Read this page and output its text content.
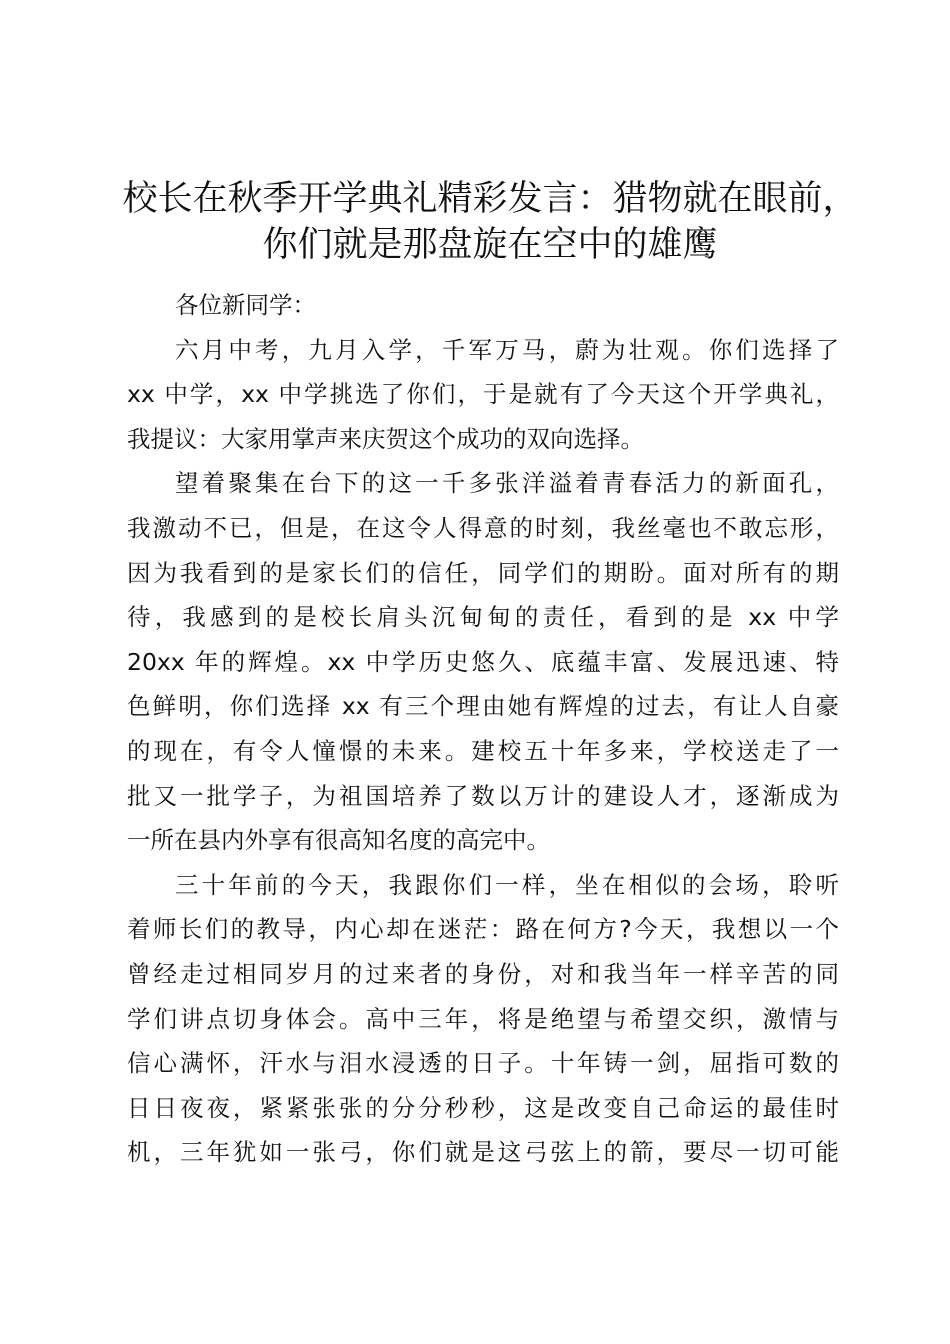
校长在秋季开学典礼精彩发言：猎物就在眼前，
你们就是那盘旋在空中的雄鹰
各位新同学：
六月中考，九月入学，千军万马，蔚为壮观。你们选择了
xx 中学，xx 中学挑选了你们，于是就有了今天这个开学典礼，
我提议：大家用掌声来庆贺这个成功的双向选择。
望着聚集在台下的这一千多张洋溢着青春活力的新面孔，
我激动不已，但是，在这令人得意的时刻，我丝毫也不敢忘形，
因为我看到的是家长们的信任，同学们的期盼。面对所有的期
待，我感到的是校长肩头沉甸甸的责任，看到的是 xx 中学
20xx 年的辉煌。xx 中学历史悠久、底蕴丰富、发展迅速、特
色鲜明，你们选择 xx 有三个理由她有辉煌的过去，有让人自豪
的现在，有令人憧憬的未来。建校五十年多来，学校送走了一
批又一批学子，为祖国培养了数以万计的建设人才，逐渐成为
一所在县内外享有很高知名度的高完中。
三十年前的今天，我跟你们一样，坐在相似的会场，聆听
着师长们的教导，内心却在迷茫：路在何方?今天，我想以一个
曾经走过相同岁月的过来者的身份，对和我当年一样辛苦的同
学们讲点切身体会。高中三年，将是绝望与希望交织，激情与
信心满怀，汗水与泪水浸透的日子。十年铸一剑，屈指可数的
日日夜夜，紧紧张张的分分秒秒，这是改变自己命运的最佳时
机，三年犹如一张弓，你们就是这弓弦上的箭，要尽一切可能
